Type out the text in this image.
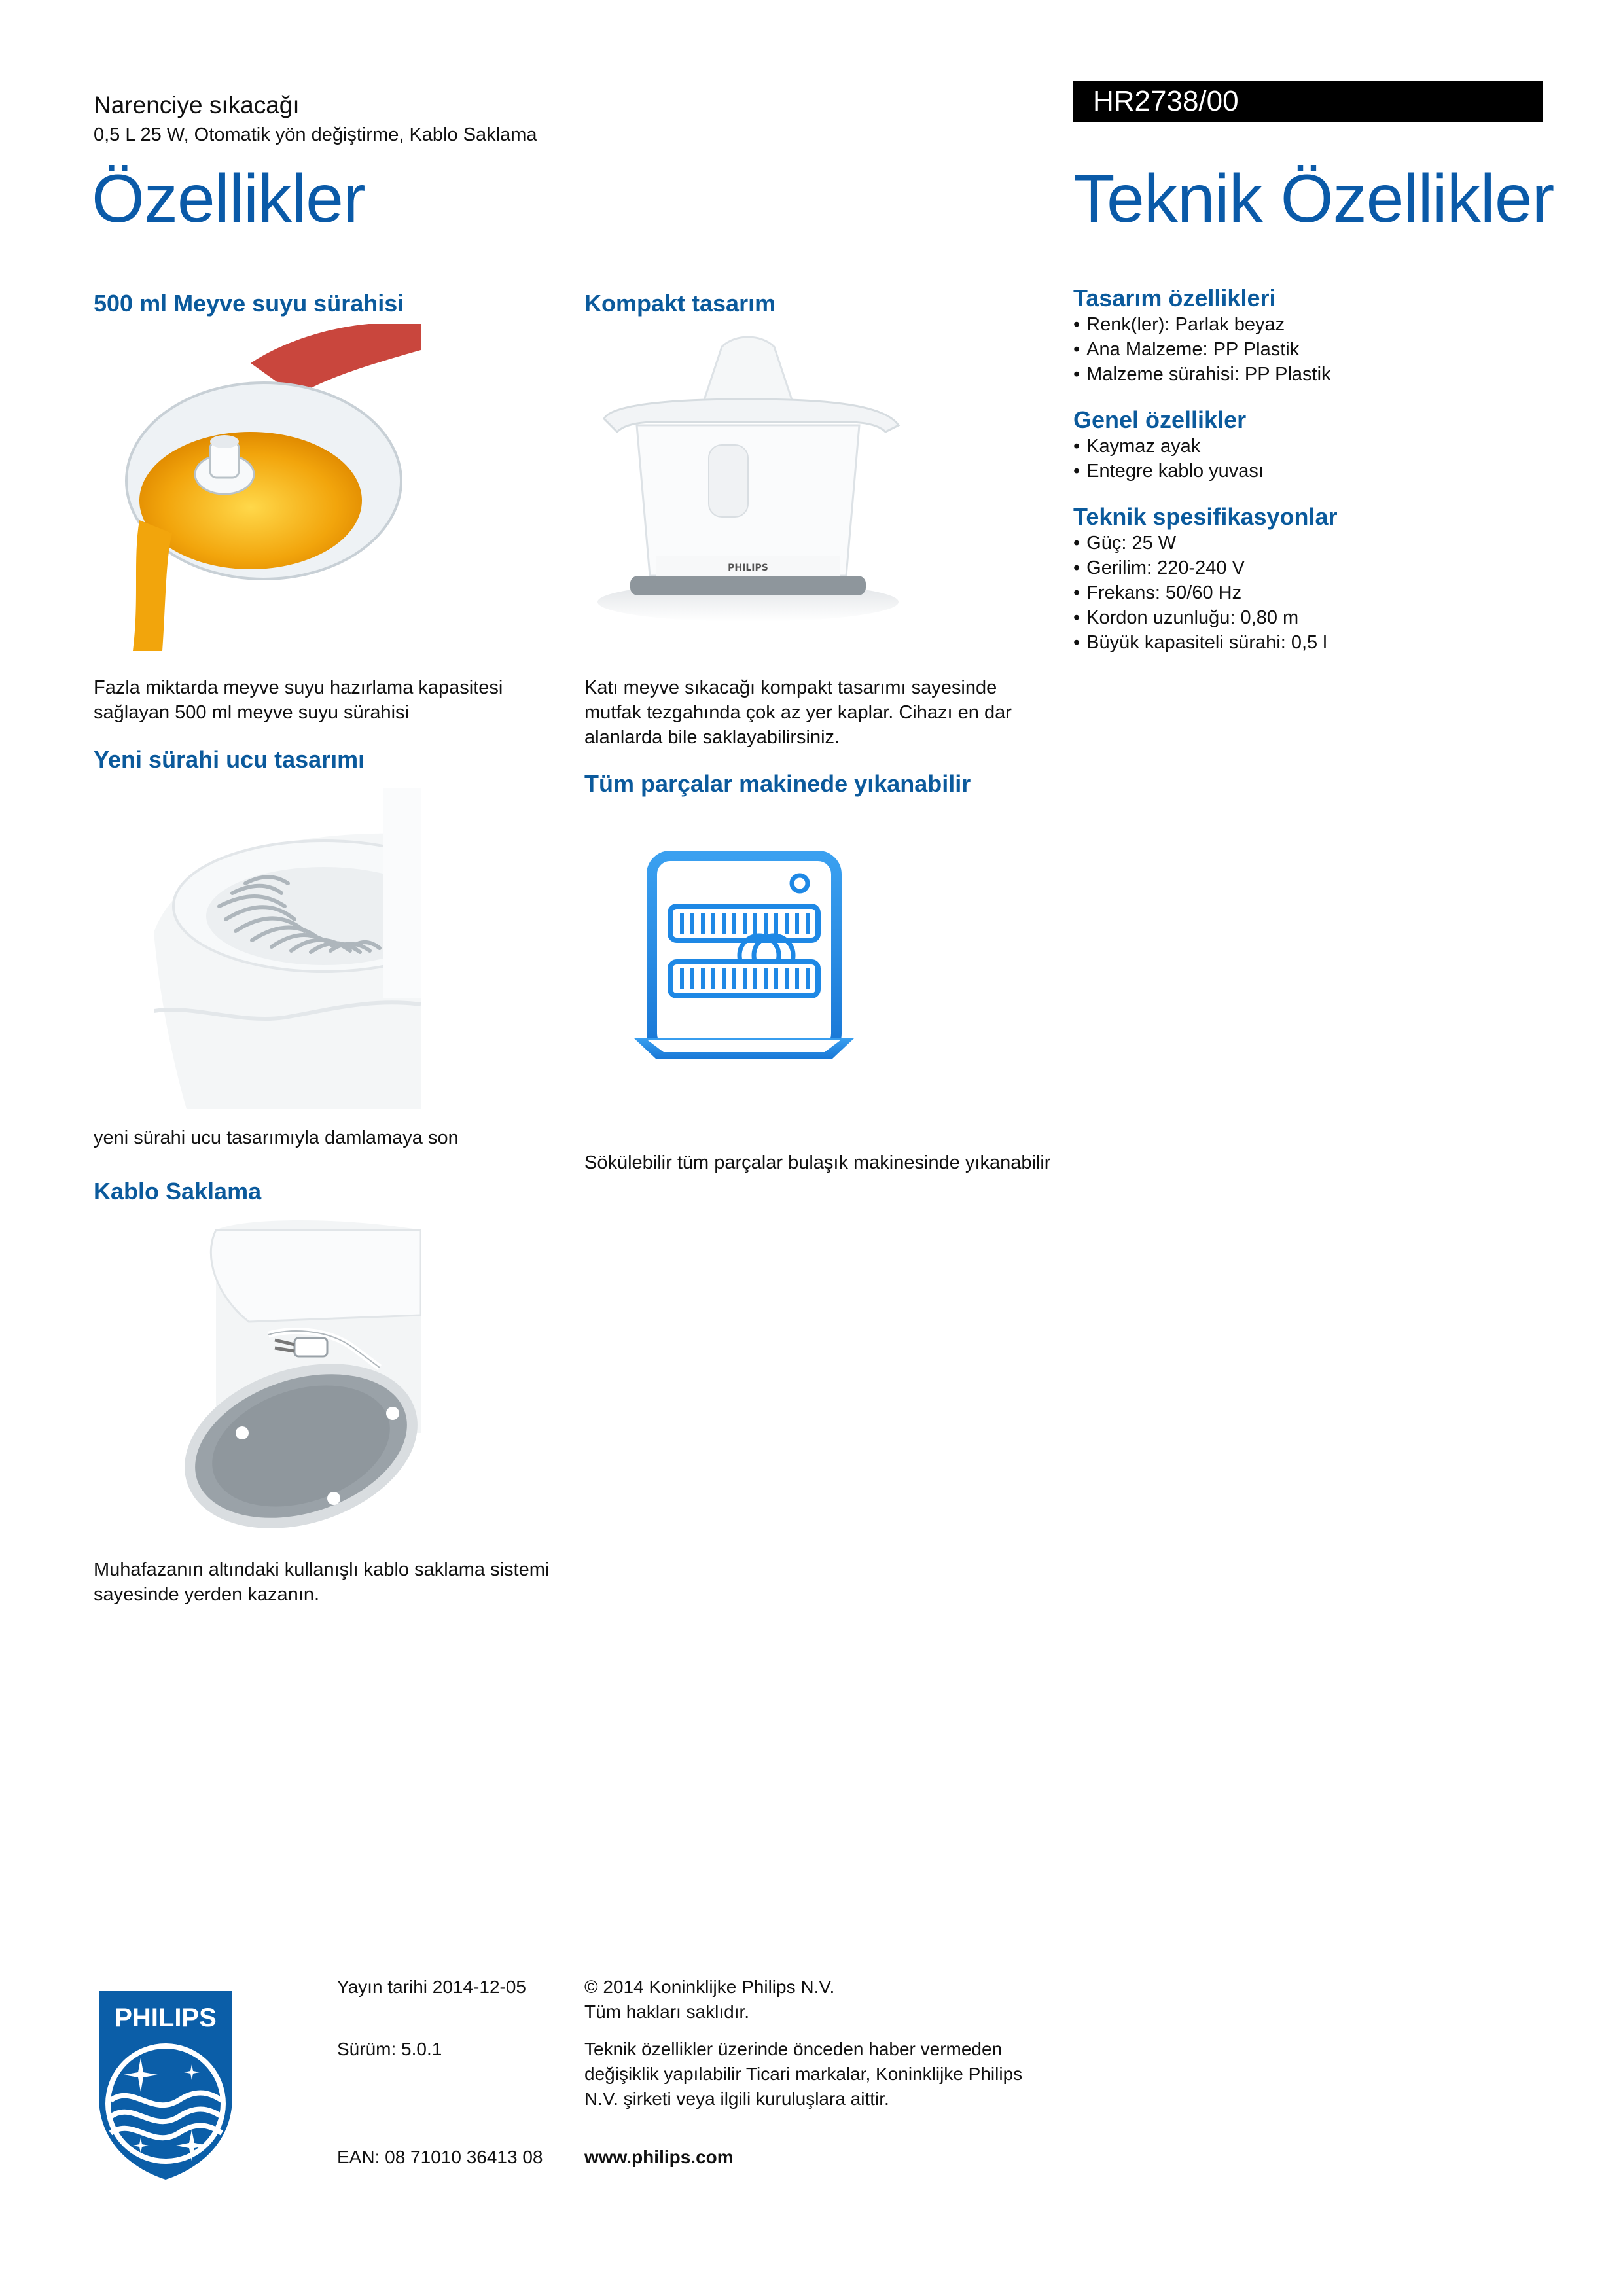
Narenciye sıkacağı
0,5 L 25 W, Otomatik yön değiştirme, Kablo Saklama
HR2738/00
Özellikler	Teknik Özellikler
500 ml Meyve suyu sürahisi
Fazla miktarda meyve suyu hazırlama kapasitesi sağlayan 500 ml meyve suyu sürahisi
Kompakt tasarım
PHILIPS
Katı meyve sıkacağı kompakt tasarımı sayesinde mutfak tezgahında çok az yer kaplar. Cihazı en dar alanlarda bile saklayabilirsiniz.
Yeni sürahi ucu tasarımı
yeni sürahi ucu tasarımıyla damlamaya son
Tüm parçalar makinede yıkanabilir
Sökülebilir tüm parçalar bulaşık makinesinde yıkanabilir
Kablo Saklama
Muhafazanın altındaki kullanışlı kablo saklama sistemi sayesinde yerden kazanın.
Tasarım özellikleri
• Renk(ler): Parlak beyaz
• Ana Malzeme: PP Plastik
• Malzeme sürahisi: PP Plastik
Genel özellikler
• Kaymaz ayak
• Entegre kablo yuvası
Teknik spesifikasyonlar
• Güç: 25 W
• Gerilim: 220-240 V
• Frekans: 50/60 Hz
• Kordon uzunluğu: 0,80 m
• Büyük kapasiteli sürahi: 0,5 l
PHILIPS
Yayın tarihi 2014-12-05
Sürüm: 5.0.1
EAN: 08 71010 36413 08
© 2014 Koninklijke Philips N.V.
Tüm hakları saklıdır.
Teknik özellikler üzerinde önceden haber vermeden değişiklik yapılabilir Ticari markalar, Koninklijke Philips N.V. şirketi veya ilgili kuruluşlara aittir.
www.philips.com
